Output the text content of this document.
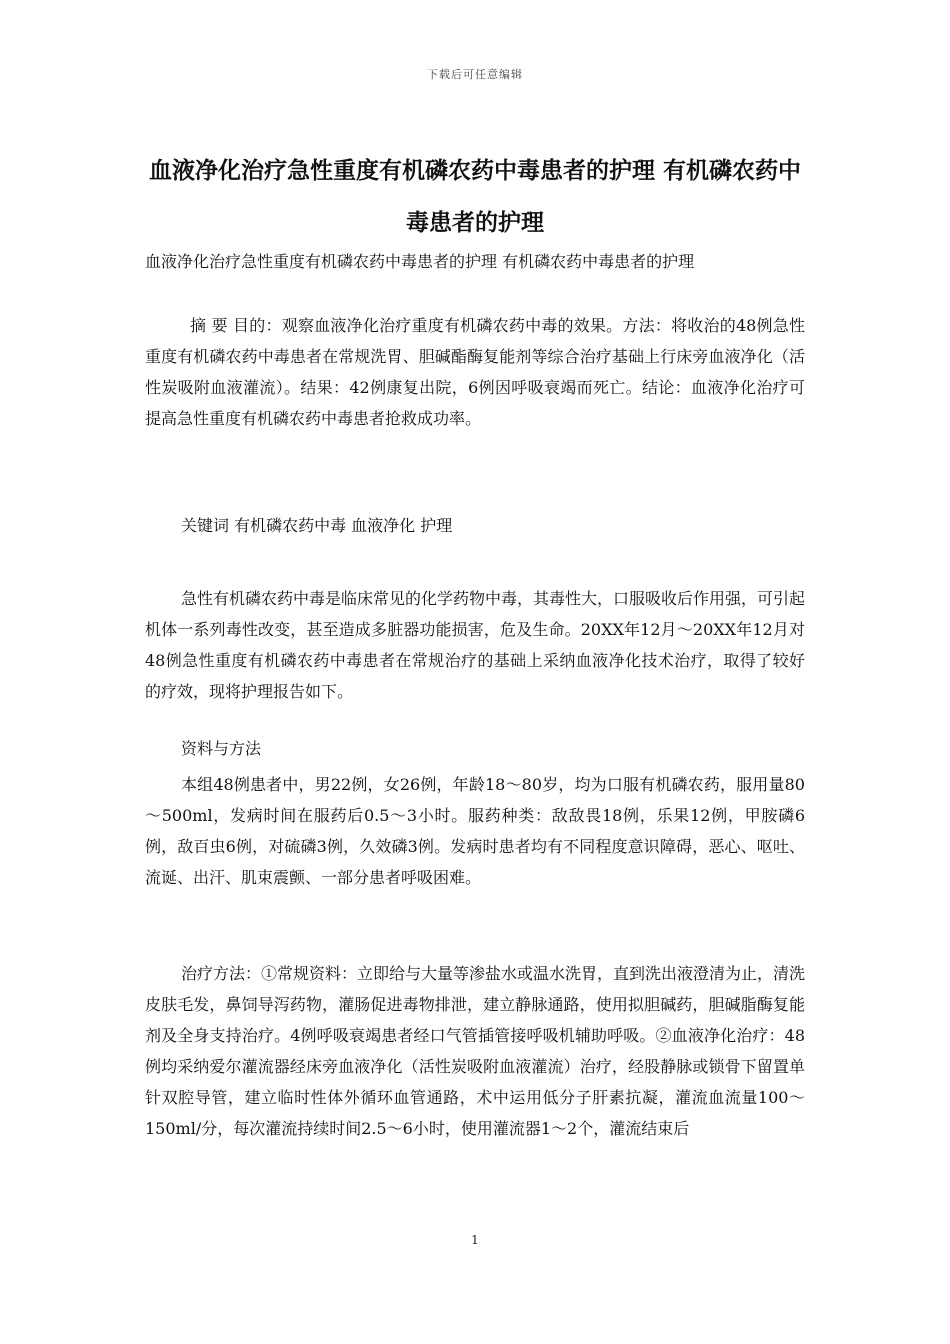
下载后可任意编辑
血液净化治疗急性重度有机磷农药中毒患者的护理 有机磷农药中毒患者的护理

血液净化治疗急性重度有机磷农药中毒患者的护理 有机磷农药中毒患者的护理

摘 要 目的：观察血液净化治疗重度有机磷农药中毒的效果。方法：将收治的48例急性重度有机磷农药中毒患者在常规洗胃、胆碱酯酶复能剂等综合治疗基础上行床旁血液净化（活性炭吸附血液灌流）。结果：42例康复出院，6例因呼吸衰竭而死亡。结论：血液净化治疗可提高急性重度有机磷农药中毒患者抢救成功率。

关键词 有机磷农药中毒 血液净化 护理

急性有机磷农药中毒是临床常见的化学药物中毒，其毒性大，口服吸收后作用强，可引起机体一系列毒性改变，甚至造成多脏器功能损害，危及生命。20XX年12月～20XX年12月对48例急性重度有机磷农药中毒患者在常规治疗的基础上采纳血液净化技术治疗，取得了较好的疗效，现将护理报告如下。

资料与方法

本组48例患者中，男22例，女26例，年龄18～80岁，均为口服有机磷农药，服用量80～500ml，发病时间在服药后0.5～3小时。服药种类：敌敌畏18例，乐果12例，甲胺磷6例，敌百虫6例，对硫磷3例，久效磷3例。发病时患者均有不同程度意识障碍，恶心、呕吐、流诞、出汗、肌束震颤、一部分患者呼吸困难。

治疗方法：①常规资料：立即给与大量等渗盐水或温水洗胃，直到洗出液澄清为止，清洗皮肤毛发，鼻饲导泻药物，灌肠促进毒物排泄，建立静脉通路，使用拟胆碱药，胆碱脂酶复能剂及全身支持治疗。4例呼吸衰竭患者经口气管插管接呼吸机辅助呼吸。②血液净化治疗：48例均采纳爱尔灌流器经床旁血液净化（活性炭吸附血液灌流）治疗，经股静脉或锁骨下留置单针双腔导管，建立临时性体外循环血管通路，术中运用低分子肝素抗凝，灌流血流量100～150ml/分，每次灌流持续时间2.5～6小时，使用灌流器1～2个，灌流结束后

1
